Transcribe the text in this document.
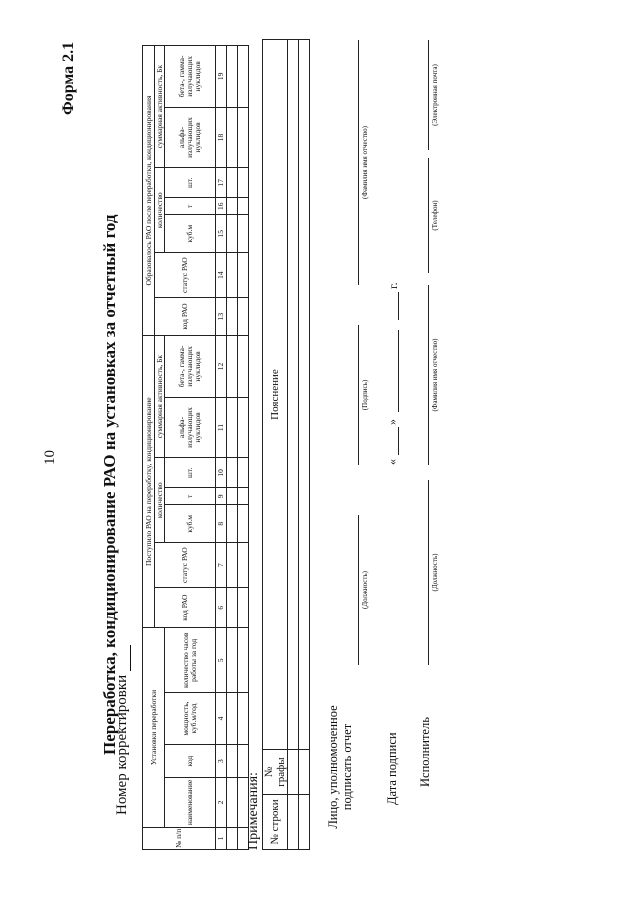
10
Форма 2.1
Переработка, кондиционирование РАО на установках за отчетный год
Номер корректировки
№ п/п	Установки переработки				Поступило РАО на переработку, кондиционирование							Образовалось РАО после переработки, кондиционирования						
					код РАО	статус РАО	количество			суммарная активность, Бк		код РАО	статус РАО	количество			суммарная активность, Бк	
	наименование	код	мощность, куб.м/год	количество часов работы за год			куб.м	т	шт.	альфа-излучающих нуклидов	бета-, гамма-излучающих нуклидов			куб.м	т	шт.	альфа-излучающих нуклидов	бета-, гамма-излучающих нуклидов
1	2	3	4	5	6	7	8	9	10	11	12	13	14	15	16	17	18	19

Примечания: № строки	№ графы	Пояснение

Лицо, уполномоченное подписать отчет
(Должность)
(Подпись)
(Фамилия имя отчество)
Дата подписи
«
»
г.
Исполнитель
(Должность)
(Фамилия имя отчество)
(Телефон)
(Электронная почта)
